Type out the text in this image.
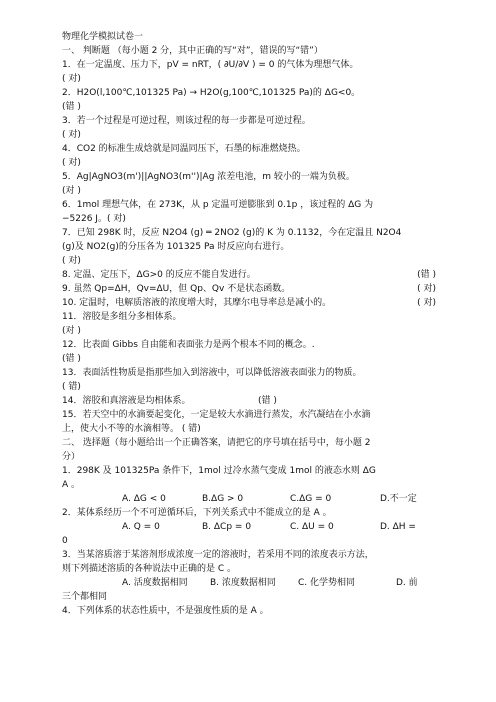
物理化学模拟试卷一
一、 判断题 （每小题 2 分，其中正确的写“对”，错误的写“错”）
1．在一定温度、压力下，pV = nRT，( ∂U/∂V ) = 0 的气体为理想气体。
( 对)
2．H2O(l,100℃,101325 Pa) → H2O(g,100℃,101325 Pa)的 ΔG<0。
(错 )
3．若一个过程是可逆过程，则该过程的每一步都是可逆过程。
( 对)
4．CO2 的标准生成焓就是同温同压下，石墨的标准燃烧热。
( 对)
5．Ag|AgNO3(m')||AgNO3(m'')|Ag 浓差电池，m 较小的一端为负极。
(对 )
6．1mol 理想气体，在 273K，从 p 定温可逆膨胀到 0.1p ，该过程的 ΔG 为
−5226 J。( 对)
7．已知 298K 时，反应 N2O4 (g) ═ 2NO2 (g)的 K 为 0.1132，今在定温且 N2O4
(g)及 NO2(g)的分压各为 101325 Pa 时反应向右进行。
( 对)
8. 定温、定压下，ΔG>0 的反应不能自发进行。	(错 )
9. 虽然 Qp=ΔH，Qv=ΔU，但 Qp、Qv 不是状态函数。	( 对)
10. 定温时，电解质溶液的浓度增大时，其摩尔电导率总是减小的。	( 对)
11．溶胶是多组分多相体系。
(对 )
12．比表面 Gibbs 自由能和表面张力是两个根本不同的概念。.
(错 )
13．表面活性物质是指那些加入到溶液中，可以降低溶液表面张力的物质。
( 错)
14．溶胶和真溶液是均相体系。	(错 )
15．若天空中的水滴要起变化，一定是较大水滴进行蒸发，水汽凝结在小水滴
上，使大小不等的水滴相等。 ( 错)
二、 选择题（每小题给出一个正确答案，请把它的序号填在括号中，每小题 2
分）
1．298K 及 101325Pa 条件下，1mol 过冷水蒸气变成 1mol 的液态水则 ΔG
A 。
A. ΔG < 0	B.ΔG > 0	C.ΔG = 0	D.不一定
2．某体系经历一个不可逆循环后，下列关系式中不能成立的是 A 。
A. Q = 0	B. ΔCp = 0	C. ΔU = 0	D. ΔH =
0
3．当某溶质溶于某溶剂形成浓度一定的溶液时，若采用不同的浓度表示方法，
则下列描述溶质的各种说法中正确的是 C 。
A. 活度数据相同 B. 浓度数据相同 C. 化学势相同	D. 前
三个都相同
4．下列体系的状态性质中，不是强度性质的是 A 。
